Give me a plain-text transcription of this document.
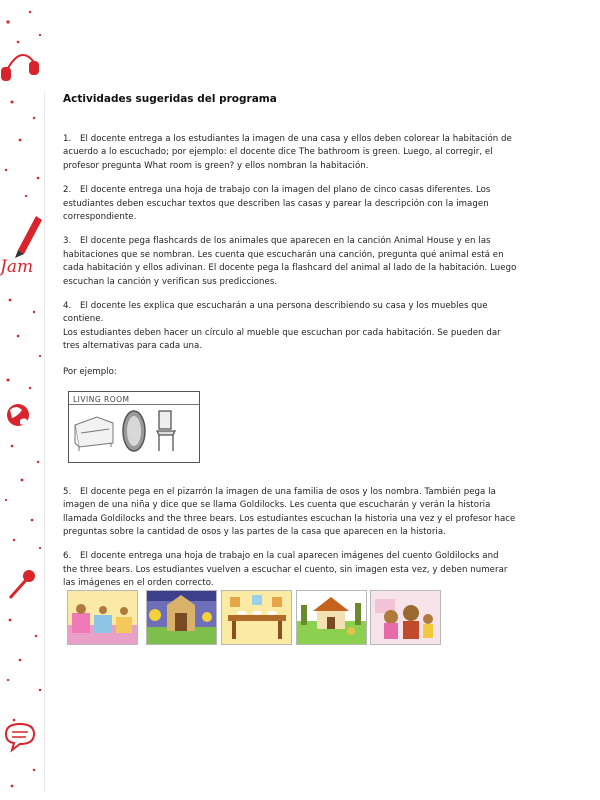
Jam
Actividades sugeridas del programa
1. El docente entrega a los estudiantes la imagen de una casa y ellos deben colorear la habitación de
acuerdo a lo escuchado; por ejemplo: el docente dice The bathroom is green. Luego, al corregir, el
profesor pregunta What room is green? y ellos nombran la habitación.
2. El docente entrega una hoja de trabajo con la imagen del plano de cinco casas diferentes. Los
estudiantes deben escuchar textos que describen las casas y parear la descripción con la imagen
correspondiente.
3. El docente pega flashcards de los animales que aparecen en la canción Animal House y en las
habitaciones que se nombran. Les cuenta que escucharán una canción, pregunta qué animal está en
cada habitación y ellos adivinan. El docente pega la flashcard del animal al lado de la habitación. Luego
escuchan la canción y verifican sus predicciones.
4. El docente les explica que escucharán a una persona describiendo su casa y los muebles que
contiene.
Los estudiantes deben hacer un círculo al mueble que escuchan por cada habitación. Se pueden dar
tres alternativas para cada una.
Por ejemplo:
LIVING ROOM
5. El docente pega en el pizarrón la imagen de una familia de osos y los nombra. También pega la
imagen de una niña y dice que se llama Goldilocks. Les cuenta que escucharán y verán la historia
llamada Goldilocks and the three bears. Los estudiantes escuchan la historia una vez y el profesor hace
preguntas sobre la cantidad de osos y las partes de la casa que aparecen en la historia.
6. El docente entrega una hoja de trabajo en la cual aparecen imágenes del cuento Goldilocks and
the three bears. Los estudiantes vuelven a escuchar el cuento, sin imagen esta vez, y deben numerar
las imágenes en el orden correcto.
